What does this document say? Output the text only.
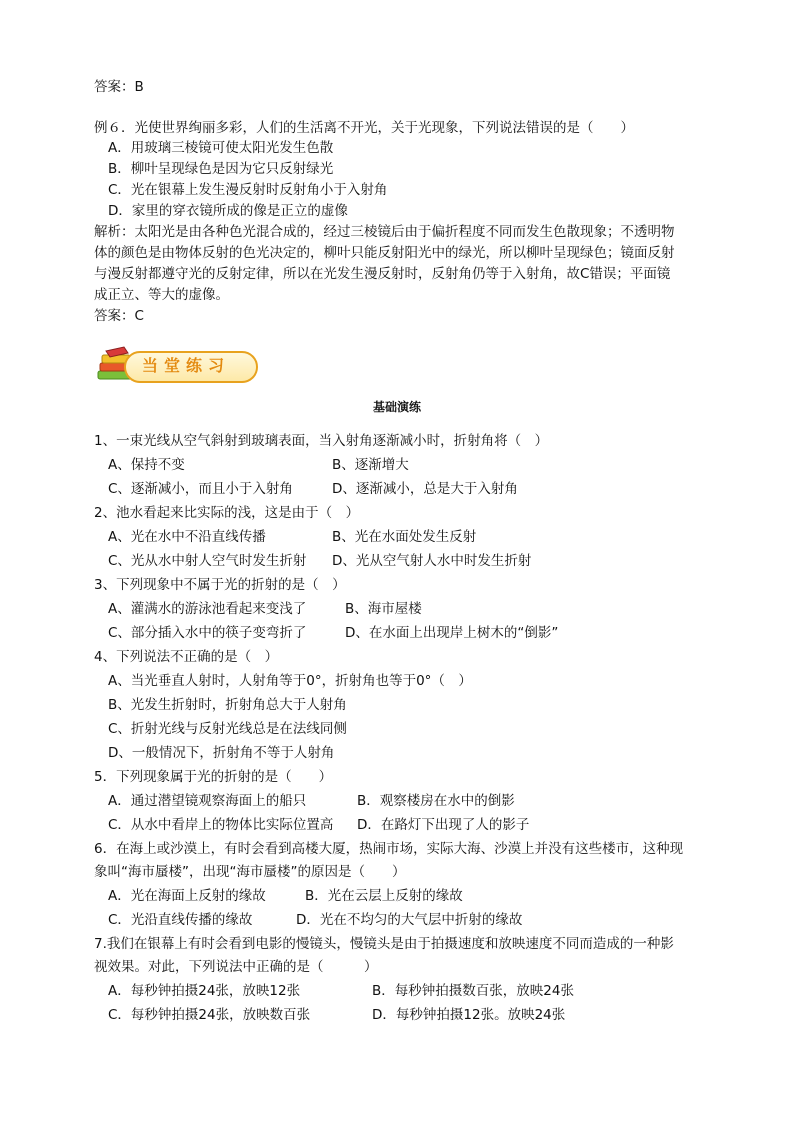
答案：B
例６．光使世界绚丽多彩，人们的生活离不开光，关于光现象，下列说法错误的是（　　）
A．用玻璃三棱镜可使太阳光发生色散
B．柳叶呈现绿色是因为它只反射绿光
C．光在银幕上发生漫反射时反射角小于入射角
D．家里的穿衣镜所成的像是正立的虚像
解析：太阳光是由各种色光混合成的，经过三棱镜后由于偏折程度不同而发生色散现象；不透明物
体的颜色是由物体反射的色光决定的，柳叶只能反射阳光中的绿光，所以柳叶呈现绿色；镜面反射
与漫反射都遵守光的反射定律，所以在光发生漫反射时，反射角仍等于入射角，故C错误；平面镜
成正立、等大的虚像。
答案：C
当堂练习
基础演练
1、一束光线从空气斜射到玻璃表面，当入射角逐渐减小时，折射角将（　）
A、保持不变	B、逐渐增大
C、逐渐减小，而且小于入射角	D、逐渐减小，总是大于入射角
2、池水看起来比实际的浅，这是由于（　）
A、光在水中不沿直线传播	B、光在水面处发生反射
C、光从水中射人空气时发生折射 D、光从空气射人水中时发生折射
3、下列现象中不属于光的折射的是（　）
A、灌满水的游泳池看起来变浅了	B、海市屋楼
C、部分插入水中的筷子变弯折了	D、在水面上出现岸上树木的“倒影”
4、下列说法不正确的是（　）
A、当光垂直人射时，人射角等于0°，折射角也等于0°（　）
B、光发生折射时，折射角总大于人射角
C、折射光线与反射光线总是在法线同侧
D、一般情况下，折射角不等于人射角
5．下列现象属于光的折射的是（　　）
A．通过潜望镜观察海面上的船只	B．观察楼房在水中的倒影
C．从水中看岸上的物体比实际位置高 D．在路灯下出现了人的影子
6．在海上或沙漠上，有时会看到高楼大厦，热闹市场，实际大海、沙漠上并没有这些楼市，这种现
象叫“海市蜃楼”，出现“海市蜃楼”的原因是（　　）
A．光在海面上反射的缘故	B．光在云层上反射的缘故
C．光沿直线传播的缘故	D．光在不均匀的大气层中折射的缘故
7.我们在银幕上有时会看到电影的慢镜头，慢镜头是由于拍摄速度和放映速度不同而造成的一种影
视效果。对此，下列说法中正确的是（　　　）
A．每秒钟拍摄24张，放映12张	B．每秒钟拍摄数百张，放映24张
C．每秒钟拍摄24张，放映数百张	D．每秒钟拍摄12张。放映24张
